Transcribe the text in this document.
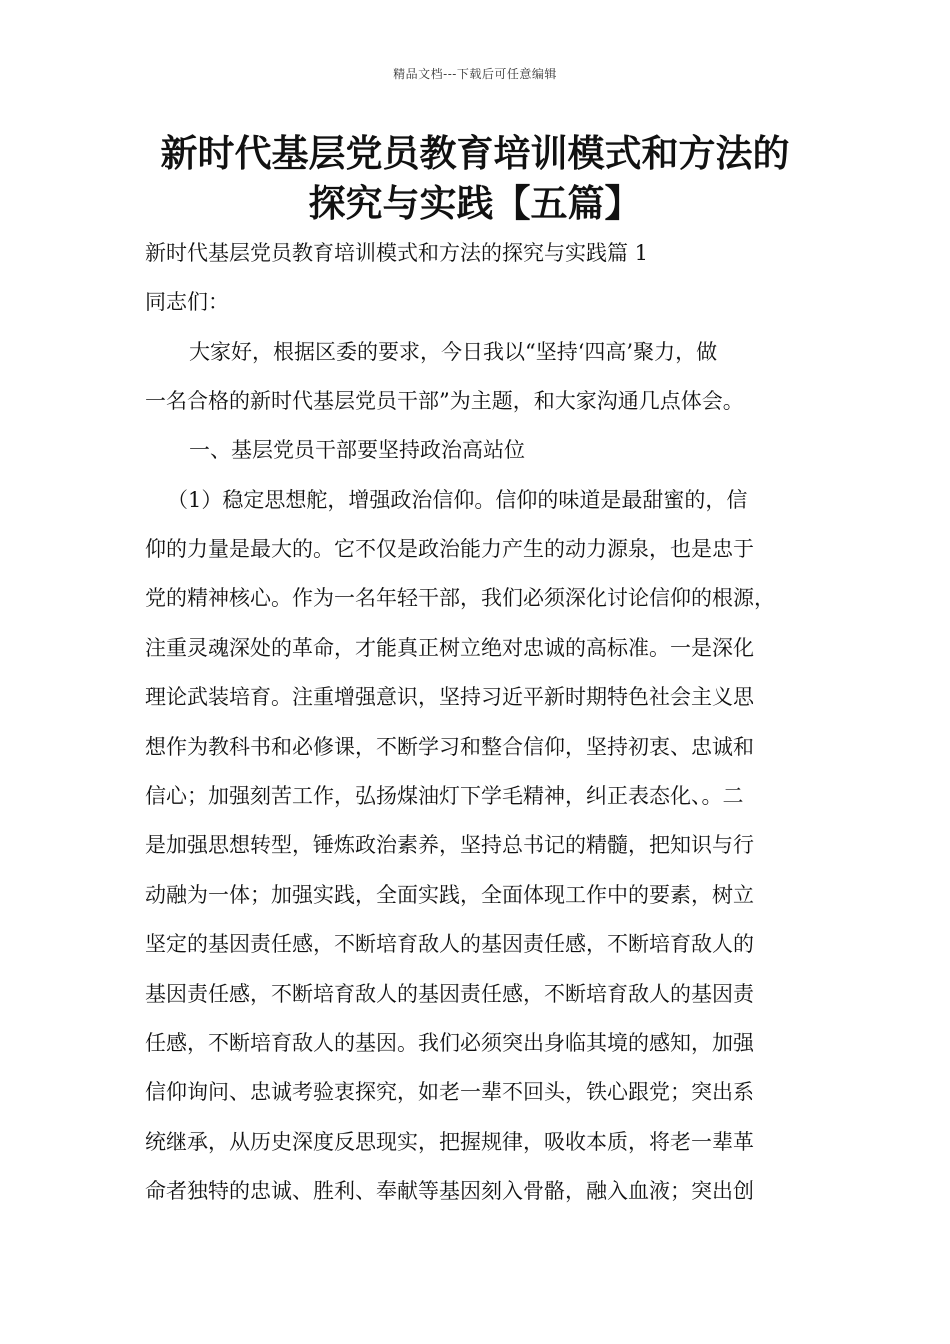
精品文档---下载后可任意编辑
新时代基层党员教育培训模式和方法的
探究与实践【五篇】

新时代基层党员教育培训模式和方法的探究与实践篇 1

同志们：

大家好，根据区委的要求，今日我以“坚持‘四高’聚力，做

一名合格的新时代基层党员干部”为主题，和大家沟通几点体会。

一、基层党员干部要坚持政治高站位

（1）稳定思想舵，增强政治信仰。信仰的味道是最甜蜜的，信

仰的力量是最大的。它不仅是政治能力产生的动力源泉，也是忠于

党的精神核心。作为一名年轻干部，我们必须深化讨论信仰的根源，

注重灵魂深处的革命，才能真正树立绝对忠诚的高标准。一是深化

理论武装培育。注重增强意识，坚持习近平新时期特色社会主义思

想作为教科书和必修课，不断学习和整合信仰，坚持初衷、忠诚和

信心；加强刻苦工作，弘扬煤油灯下学毛精神，纠正表态化、。二

是加强思想转型，锤炼政治素养，坚持总书记的精髓，把知识与行

动融为一体；加强实践，全面实践，全面体现工作中的要素，树立

坚定的基因责任感，不断培育敌人的基因责任感，不断培育敌人的

基因责任感，不断培育敌人的基因责任感，不断培育敌人的基因责

任感，不断培育敌人的基因。我们必须突出身临其境的感知，加强

信仰询问、忠诚考验衷探究，如老一辈不回头，铁心跟党；突出系

统继承，从历史深度反思现实，把握规律，吸收本质，将老一辈革

命者独特的忠诚、胜利、奉献等基因刻入骨骼，融入血液；突出创
